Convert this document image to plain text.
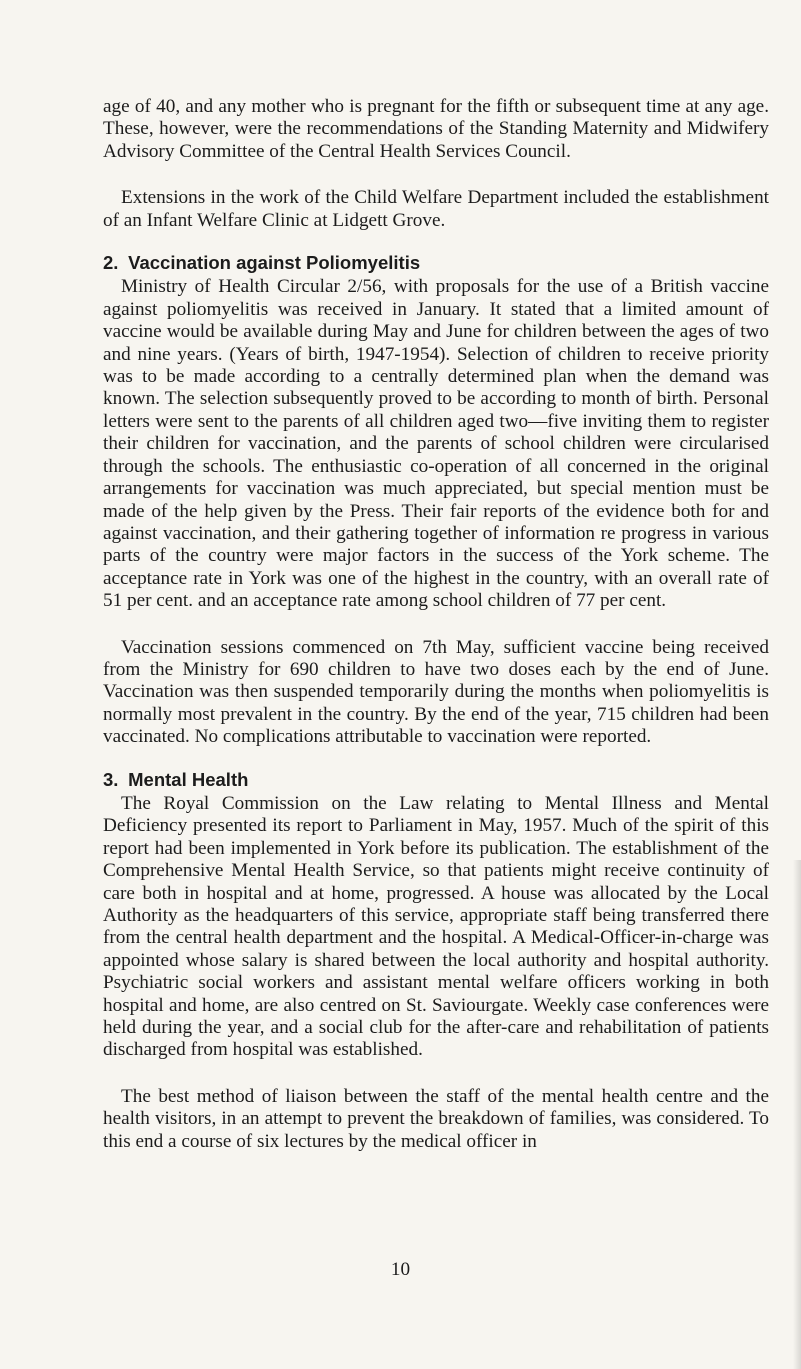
age of 40, and any mother who is pregnant for the fifth or subsequent time at any age. These, however, were the recommendations of the Standing Maternity and Midwifery Advisory Committee of the Central Health Services Council.

Extensions in the work of the Child Welfare Department included the establishment of an Infant Welfare Clinic at Lidgett Grove.

2. Vaccination against Poliomyelitis

Ministry of Health Circular 2/56, with proposals for the use of a British vaccine against poliomyelitis was received in January. It stated that a limited amount of vaccine would be available during May and June for children between the ages of two and nine years. (Years of birth, 1947-1954). Selection of children to receive priority was to be made according to a centrally determined plan when the demand was known. The selection subsequently proved to be according to month of birth. Personal letters were sent to the parents of all children aged two—five inviting them to register their children for vaccination, and the parents of school children were circularised through the schools. The enthusiastic co-operation of all concerned in the original arrangements for vaccination was much appreciated, but special mention must be made of the help given by the Press. Their fair reports of the evidence both for and against vaccination, and their gathering together of information re progress in various parts of the country were major factors in the success of the York scheme. The acceptance rate in York was one of the highest in the country, with an overall rate of 51 per cent. and an acceptance rate among school children of 77 per cent.

Vaccination sessions commenced on 7th May, sufficient vaccine being received from the Ministry for 690 children to have two doses each by the end of June. Vaccination was then suspended temporarily during the months when poliomyelitis is normally most prevalent in the country. By the end of the year, 715 children had been vaccinated. No complications attributable to vaccination were reported.

3. Mental Health

The Royal Commission on the Law relating to Mental Illness and Mental Deficiency presented its report to Parliament in May, 1957. Much of the spirit of this report had been implemented in York before its publication. The establishment of the Comprehensive Mental Health Service, so that patients might receive continuity of care both in hospital and at home, progressed. A house was allocated by the Local Authority as the headquarters of this service, appropriate staff being transferred there from the central health department and the hospital. A Medical-Officer-in-charge was appointed whose salary is shared between the local authority and hospital authority. Psychiatric social workers and assistant mental welfare officers working in both hospital and home, are also centred on St. Saviourgate. Weekly case conferences were held during the year, and a social club for the after-care and rehabilitation of patients discharged from hospital was established.

The best method of liaison between the staff of the mental health centre and the health visitors, in an attempt to prevent the breakdown of families, was considered. To this end a course of six lectures by the medical officer in

10
